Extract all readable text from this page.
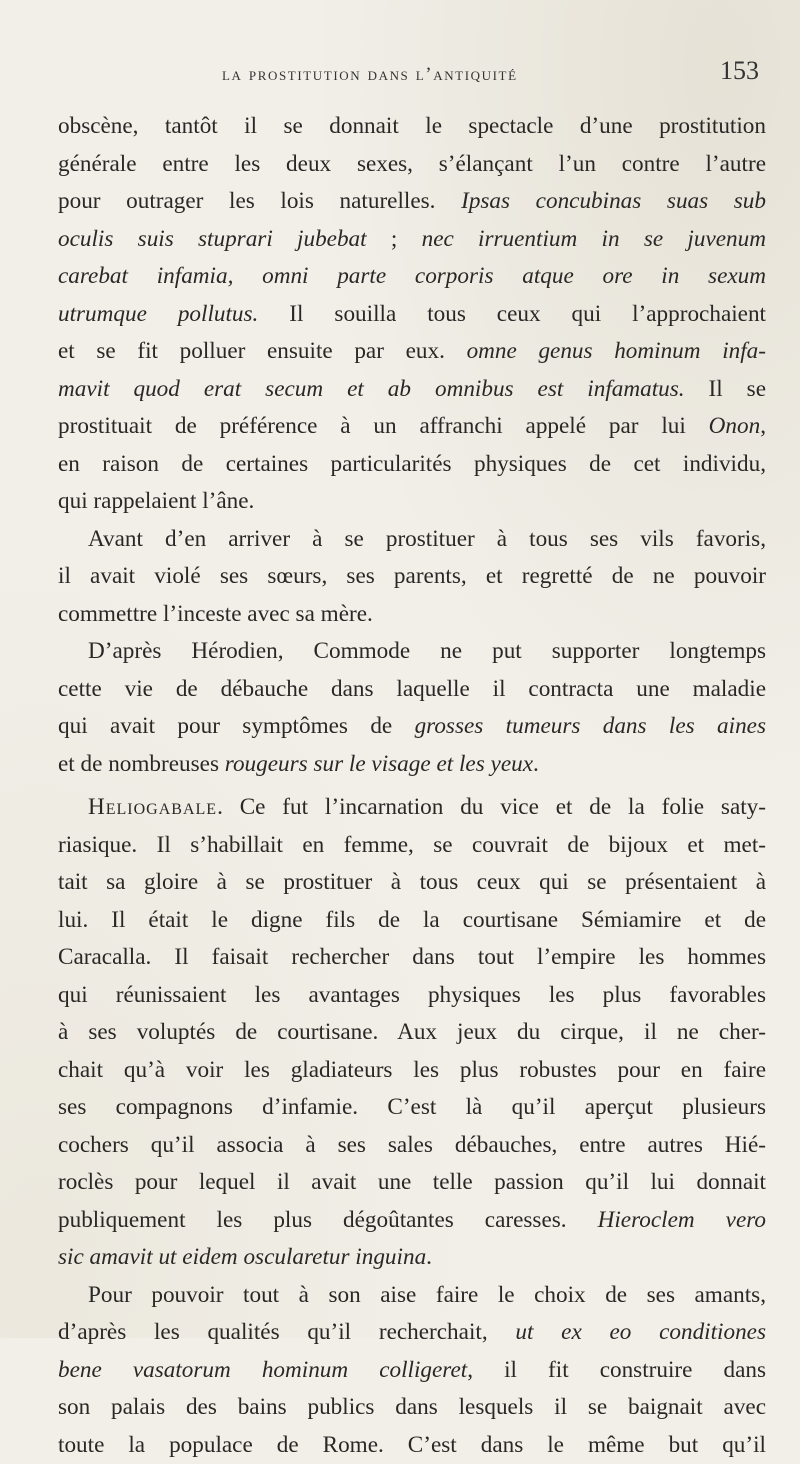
la prostitution dans l’antiquité	153
obscène, tantôt il se donnait le spectacle d’une prostitution
générale entre les deux sexes, s’élançant l’un contre l’autre
pour outrager les lois naturelles. Ipsas concubinas suas sub
oculis suis stuprari jubebat ; nec irruentium in se juvenum
carebat infamia, omni parte corporis atque ore in sexum
utrumque pollutus. Il souilla tous ceux qui l’approchaient
et se fit polluer ensuite par eux. omne genus hominum infa-
mavit quod erat secum et ab omnibus est infamatus. Il se
prostituait de préférence à un affranchi appelé par lui Onon,
en raison de certaines particularités physiques de cet individu,
qui rappelaient l’âne.
Avant d’en arriver à se prostituer à tous ses vils favoris,
il avait violé ses sœurs, ses parents, et regretté de ne pouvoir
commettre l’inceste avec sa mère.
D’après Hérodien, Commode ne put supporter longtemps
cette vie de débauche dans laquelle il contracta une maladie
qui avait pour symptômes de grosses tumeurs dans les aines
et de nombreuses rougeurs sur le visage et les yeux.
Heliogabale. Ce fut l’incarnation du vice et de la folie saty-
riasique. Il s’habillait en femme, se couvrait de bijoux et met-
tait sa gloire à se prostituer à tous ceux qui se présentaient à
lui. Il était le digne fils de la courtisane Sémiamire et de
Caracalla. Il faisait rechercher dans tout l’empire les hommes
qui réunissaient les avantages physiques les plus favorables
à ses voluptés de courtisane. Aux jeux du cirque, il ne cher-
chait qu’à voir les gladiateurs les plus robustes pour en faire
ses compagnons d’infamie. C’est là qu’il aperçut plusieurs
cochers qu’il associa à ses sales débauches, entre autres Hié-
roclès pour lequel il avait une telle passion qu’il lui donnait
publiquement les plus dégoûtantes caresses. Hieroclem vero
sic amavit ut eidem oscularetur inguina.
Pour pouvoir tout à son aise faire le choix de ses amants,
d’après les qualités qu’il recherchait, ut ex eo conditiones
bene vasatorum hominum colligeret, il fit construire dans
son palais des bains publics dans lesquels il se baignait avec
toute la populace de Rome. C’est dans le même but qu’il
